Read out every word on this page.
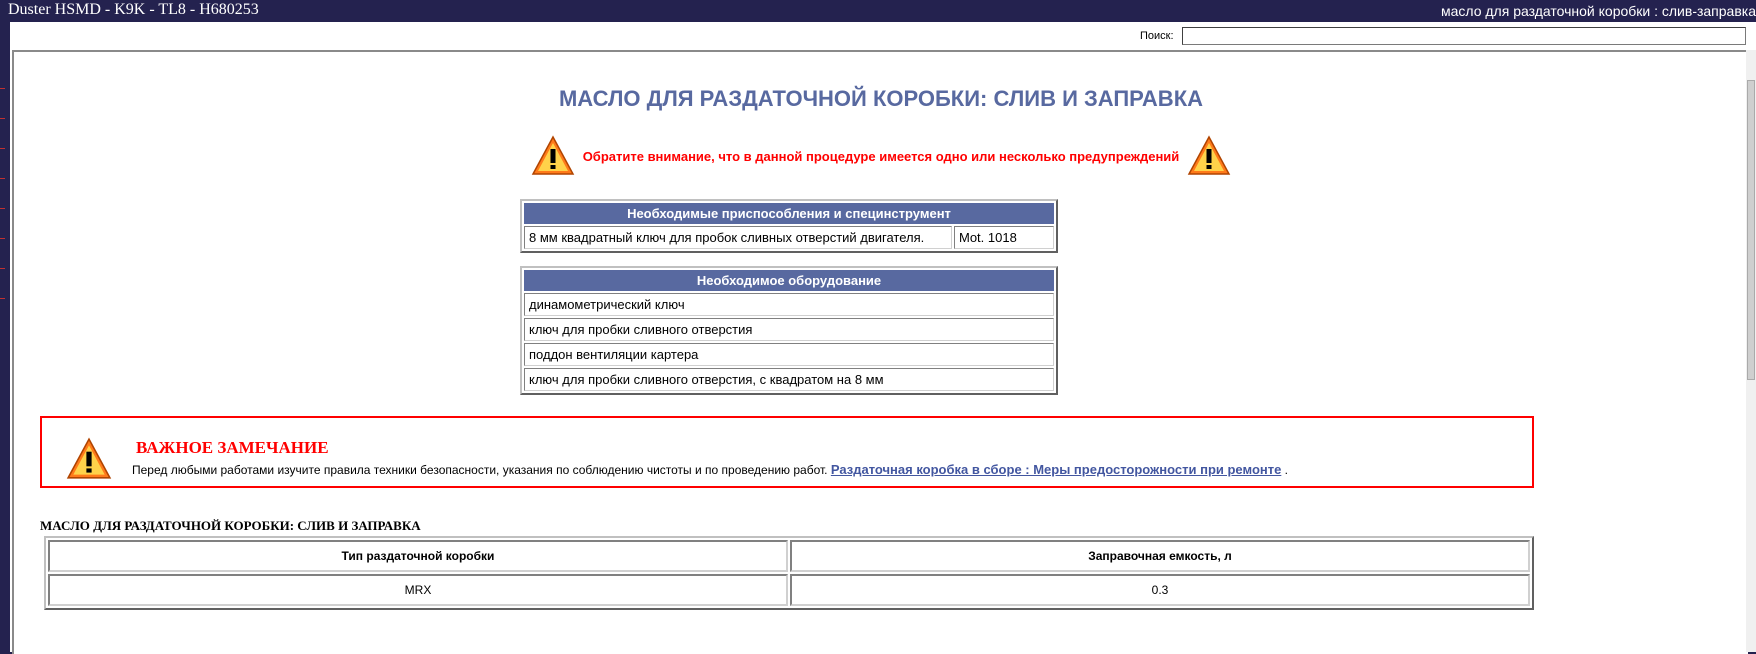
Duster HSMD - K9K - TL8 - H680253	масло для раздаточной коробки : слив-заправка
Поиск:
МАСЛО ДЛЯ РАЗДАТОЧНОЙ КОРОБКИ: СЛИВ И ЗАПРАВКА
Обратите внимание, что в данной процедуре имеется одно или несколько предупреждений
Необходимые приспособления и специнструмент
8 мм квадратный ключ для пробок сливных отверстий двигателя.	Mot. 1018
Необходимое оборудование
динамометрический ключ
ключ для пробки сливного отверстия
поддон вентиляции картера
ключ для пробки сливного отверстия, с квадратом на 8 мм
ВАЖНОЕ ЗАМЕЧАНИЕ
Перед любыми работами изучите правила техники безопасности, указания по соблюдению чистоты и по проведению работ. Раздаточная коробка в сборе : Меры предосторожности при ремонте .
МАСЛО ДЛЯ РАЗДАТОЧНОЙ КОРОБКИ: СЛИВ И ЗАПРАВКА
Тип раздаточной коробки	Заправочная емкость, л
MRX	0.3
